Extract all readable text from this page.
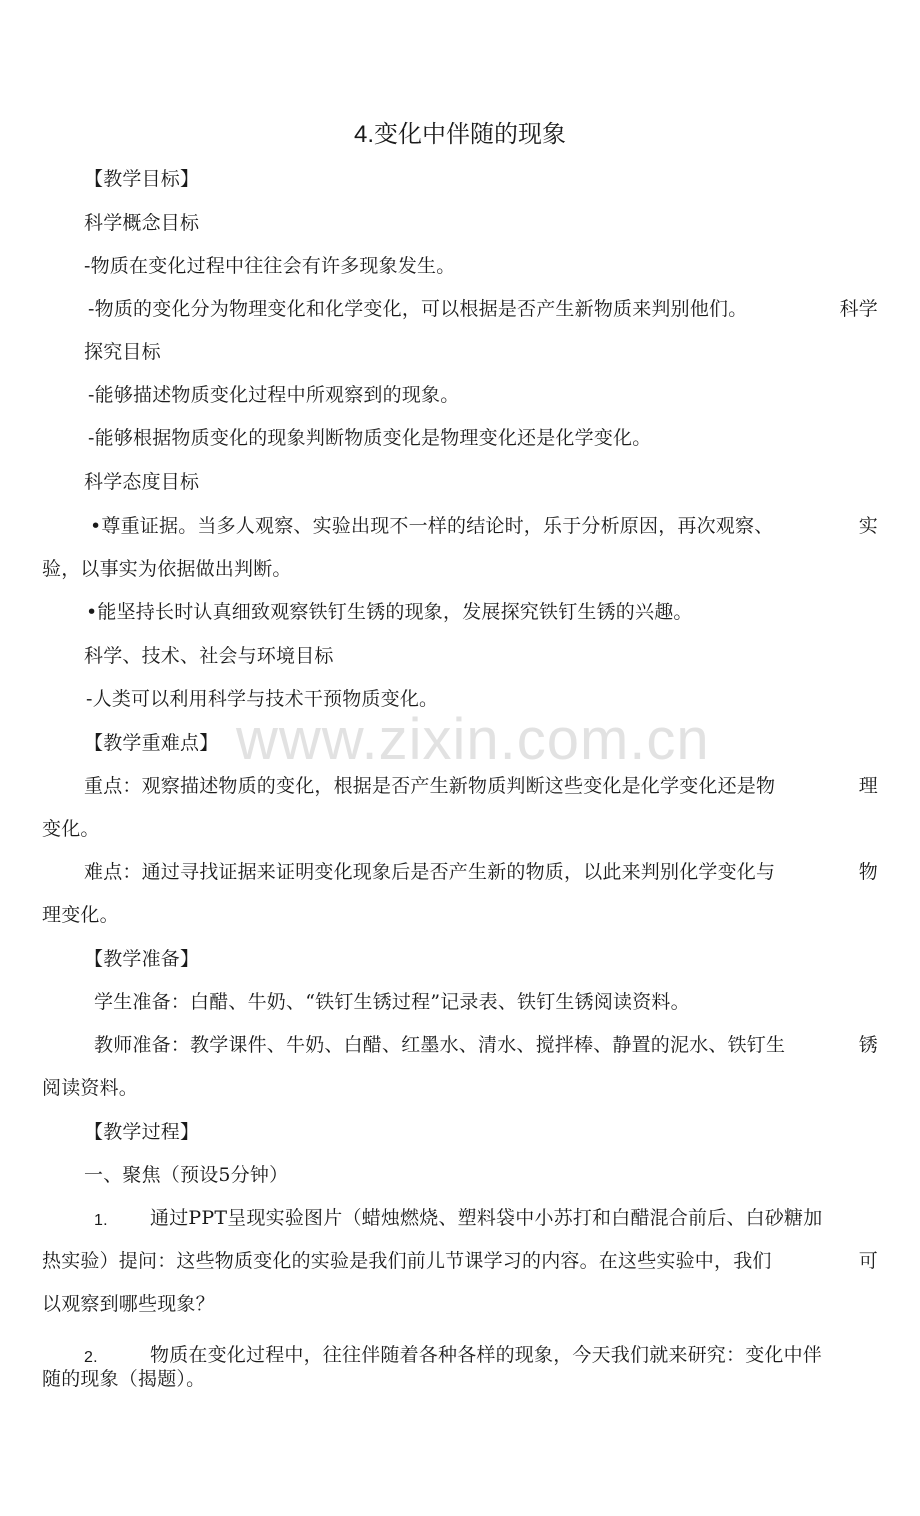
www.zixin.com.cn
4.变化中伴随的现象
【教学目标】
科学概念目标
-物质在变化过程中往往会有许多现象发生。
-物质的变化分为物理变化和化学变化，可以根据是否产生新物质来判别他们。	科学
探究目标
-能够描述物质变化过程中所观察到的现象。
-能够根据物质变化的现象判断物质变化是物理变化还是化学变化。
科学态度目标
•尊重证据。当多人观察、实验出现不一样的结论时，乐于分析原因，再次观察、	实
验，以事实为依据做出判断。
•能坚持长时认真细致观察铁钉生锈的现象，发展探究铁钉生锈的兴趣。
科学、技术、社会与环境目标
-人类可以利用科学与技术干预物质变化。
【教学重难点】
重点：观察描述物质的变化，根据是否产生新物质判断这些变化是化学变化还是物	理
变化。
难点：通过寻找证据来证明变化现象后是否产生新的物质，以此来判别化学变化与	物
理变化。
【教学准备】
学生准备：白醋、牛奶、“铁钉生锈过程”记录表、铁钉生锈阅读资料。
教师准备：教学课件、牛奶、白醋、红墨水、清水、搅拌棒、静置的泥水、铁钉生	锈
阅读资料。
【教学过程】
一、聚焦（预设5分钟）
1. 通过PPT呈现实验图片（蜡烛燃烧、塑料袋中小苏打和白醋混合前后、白砂糖加
热实验）提问：这些物质变化的实验是我们前儿节课学习的内容。在这些实验中，我们	可
以观察到哪些现象？
2.	物质在变化过程中，往往伴随着各种各样的现象，今天我们就来研究：变化中伴
随的现象（揭题）。
